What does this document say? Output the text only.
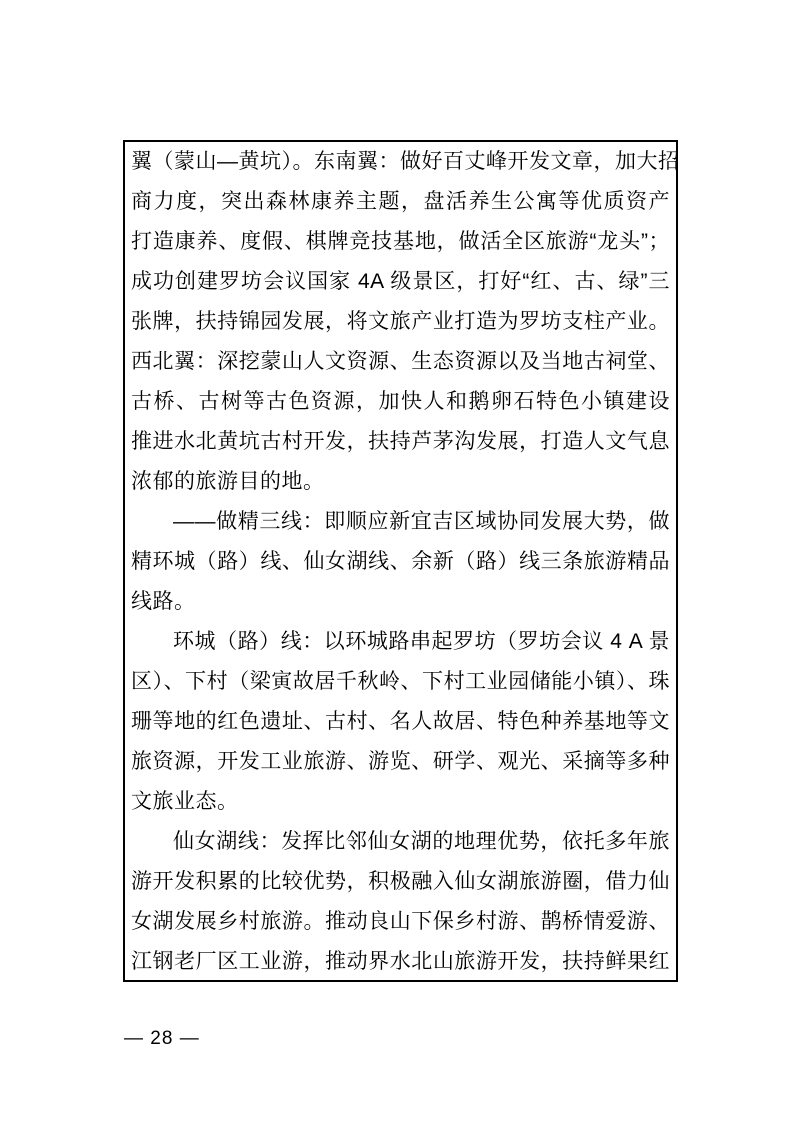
翼（蒙山—黄坑）。东南翼：做好百丈峰开发文章，加大招
商力度，突出森林康养主题，盘活养生公寓等优质资产
打造康养、度假、棋牌竞技基地，做活全区旅游“龙头”；
成功创建罗坊会议国家 4A 级景区，打好“红、古、绿”三
张牌，扶持锦园发展，将文旅产业打造为罗坊支柱产业。
西北翼：深挖蒙山人文资源、生态资源以及当地古祠堂、
古桥、古树等古色资源，加快人和鹅卵石特色小镇建设
推进水北黄坑古村开发，扶持芦茅沟发展，打造人文气息
浓郁的旅游目的地。
——做精三线：即顺应新宜吉区域协同发展大势，做
精环城（路）线、仙女湖线、余新（路）线三条旅游精品
线路。
环城（路）线：以环城路串起罗坊（罗坊会议 4 A 景
区）、下村（梁寅故居千秋岭、下村工业园储能小镇）、珠
珊等地的红色遗址、古村、名人故居、特色种养基地等文
旅资源，开发工业旅游、游览、研学、观光、采摘等多种
文旅业态。
仙女湖线：发挥比邻仙女湖的地理优势，依托多年旅
游开发积累的比较优势，积极融入仙女湖旅游圈，借力仙
女湖发展乡村旅游。推动良山下保乡村游、鹊桥情爱游、
江钢老厂区工业游，推动界水北山旅游开发，扶持鲜果红
— 28 —
